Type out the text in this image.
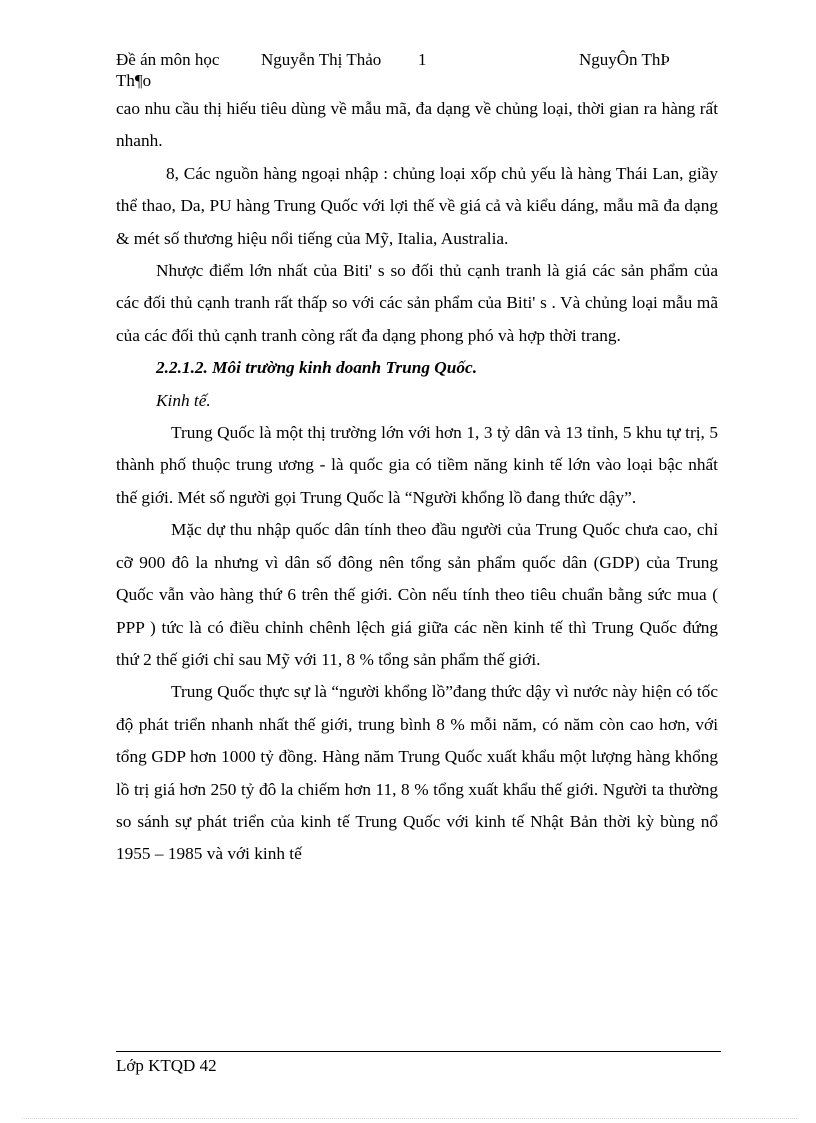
Đề án môn học Nguyễn Thị Thảo 1	NguyÔn ThÞ
Th¶o

cao nhu cầu thị hiếu tiêu dùng về mẫu mã, đa dạng về chủng loại, thời gian ra hàng rất nhanh.

8, Các nguồn hàng ngoại nhập : chủng loại xốp chủ yếu là hàng Thái Lan, giầy thể thao, Da, PU hàng Trung Quốc với lợi thế về giá cả và kiểu dáng, mẫu mã đa dạng & mét số thương hiệu nổi tiếng của Mỹ, Italia, Australia.

Nhược điểm lớn nhất của Biti' s so đối thủ cạnh tranh là giá các sản phẩm của các đối thủ cạnh tranh rất thấp so với các sản phẩm của Biti' s . Và chủng loại mẫu mã của các đối thủ cạnh tranh còng rất đa dạng phong phó và hợp thời trang.

2.2.1.2. Môi trường kinh doanh Trung Quốc.

Kinh tế.

Trung Quốc là một thị trường lớn với hơn 1, 3 tỷ dân và 13 tỉnh, 5 khu tự trị, 5 thành phố thuộc trung ương - là quốc gia có tiềm năng kinh tế lớn vào loại bậc nhất thế giới. Mét số người gọi Trung Quốc là “Người khổng lồ đang thức dậy”.

Mặc dự thu nhập quốc dân tính theo đầu người của Trung Quốc chưa cao, chỉ cỡ 900 đô la nhưng vì dân số đông nên tổng sản phẩm quốc dân (GDP) của Trung Quốc vẫn vào hàng thứ 6 trên thế giới. Còn nếu tính theo tiêu chuẩn bằng sức mua ( PPP ) tức là có điều chỉnh chênh lệch giá giữa các nền kinh tế thì Trung Quốc đứng thứ 2 thế giới chỉ sau Mỹ với 11, 8 % tổng sản phẩm thế giới.

Trung Quốc thực sự là “người khổng lồ”đang thức dậy vì nước này hiện có tốc độ phát triển nhanh nhất thế giới, trung bình 8 % mỗi năm, có năm còn cao hơn, với tổng GDP hơn 1000 tỷ đồng. Hàng năm Trung Quốc xuất khẩu một lượng hàng khổng lồ trị giá hơn 250 tỷ đô la chiếm hơn 11, 8 % tổng xuất khẩu thế giới. Người ta thường so sánh sự phát triển của kinh tế Trung Quốc với kinh tế Nhật Bản thời kỳ bùng nổ 1955 – 1985 và với kinh tế

Lớp KTQD 42
